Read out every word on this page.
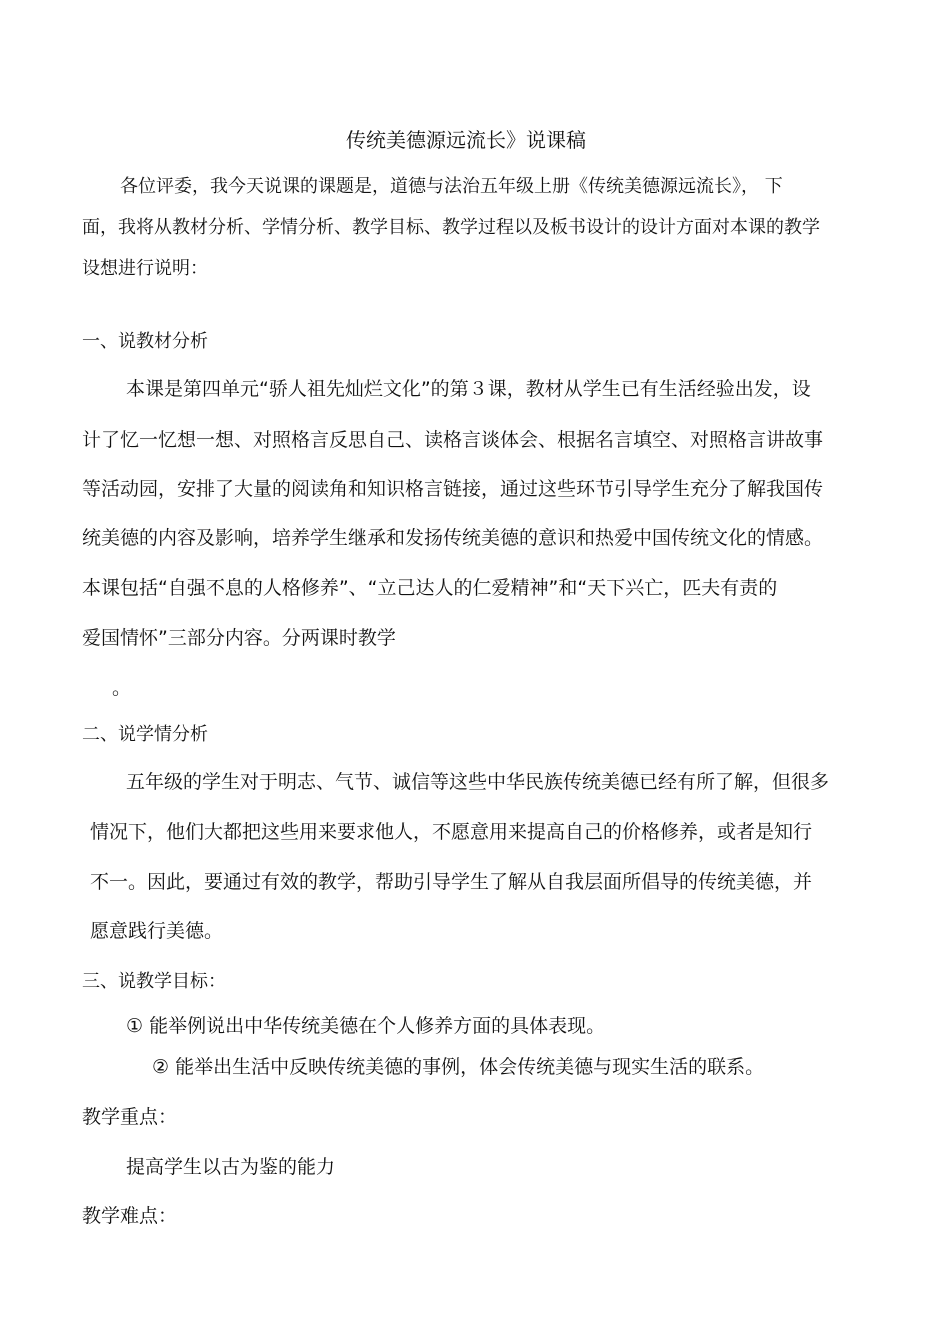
传统美德源远流长》说课稿

各位评委，我今天说课的课题是，道德与法治五年级上册《传统美德源远流长》， 下

面，我将从教材分析、学情分析、教学目标、教学过程以及板书设计的设计方面对本课的教学

设想进行说明：

一、说教材分析

本课是第四单元“骄人祖先灿烂文化”的第３课，教材从学生已有生活经验出发，设

计了忆一忆想一想、对照格言反思自己、读格言谈体会、根据名言填空、对照格言讲故事

等活动园，安排了大量的阅读角和知识格言链接，通过这些环节引导学生充分了解我国传

统美德的内容及影响，培养学生继承和发扬传统美德的意识和热爱中国传统文化的情感。

本课包括“自强不息的人格修养”、“立己达人的仁爱精神”和“天下兴亡，匹夫有责的

爱国情怀”三部分内容。分两课时教学

。

二、说学情分析

五年级的学生对于明志、气节、诚信等这些中华民族传统美德已经有所了解，但很多

情况下，他们大都把这些用来要求他人，不愿意用来提高自己的价格修养，或者是知行

不一。因此，要通过有效的教学，帮助引导学生了解从自我层面所倡导的传统美德，并

愿意践行美德。

三、说教学目标：

① 能举例说出中华传统美德在个人修养方面的具体表现。

② 能举出生活中反映传统美德的事例，体会传统美德与现实生活的联系。

教学重点：

提高学生以古为鉴的能力

教学难点：
